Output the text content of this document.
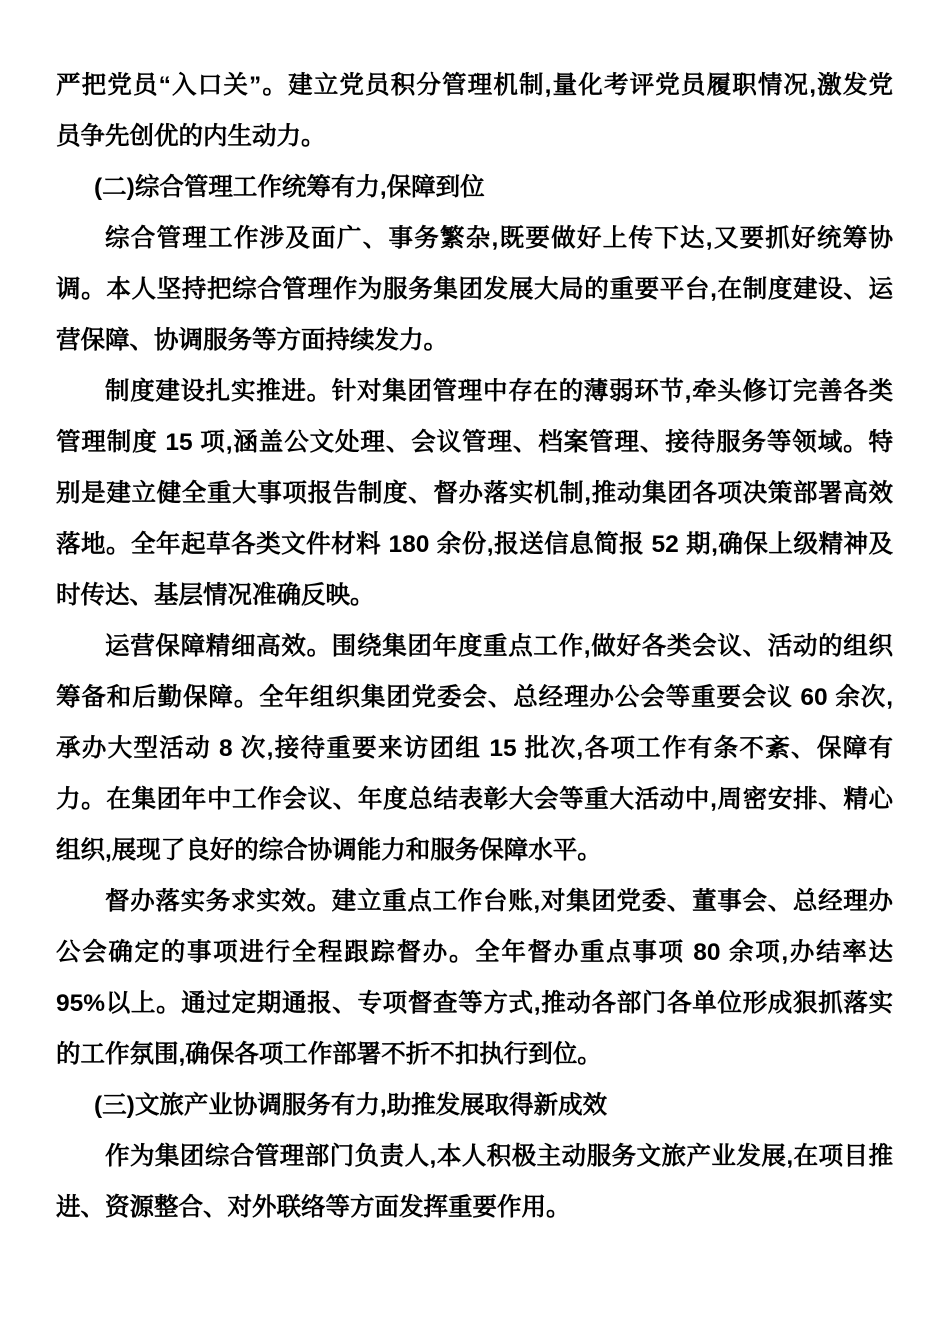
严把党员“入口关”。建立党员积分管理机制,量化考评党员履职情况,激发党
员争先创优的内生动力。
(二)综合管理工作统筹有力,保障到位
综合管理工作涉及面广、事务繁杂,既要做好上传下达,又要抓好统筹协
调。本人坚持把综合管理作为服务集团发展大局的重要平台,在制度建设、运
营保障、协调服务等方面持续发力。
制度建设扎实推进。针对集团管理中存在的薄弱环节,牵头修订完善各类
管理制度 15 项,涵盖公文处理、会议管理、档案管理、接待服务等领域。特
别是建立健全重大事项报告制度、督办落实机制,推动集团各项决策部署高效
落地。全年起草各类文件材料 180 余份,报送信息简报 52 期,确保上级精神及
时传达、基层情况准确反映。
运营保障精细高效。围绕集团年度重点工作,做好各类会议、活动的组织
筹备和后勤保障。全年组织集团党委会、总经理办公会等重要会议 60 余次,
承办大型活动 8 次,接待重要来访团组 15 批次,各项工作有条不紊、保障有
力。在集团年中工作会议、年度总结表彰大会等重大活动中,周密安排、精心
组织,展现了良好的综合协调能力和服务保障水平。
督办落实务求实效。建立重点工作台账,对集团党委、董事会、总经理办
公会确定的事项进行全程跟踪督办。全年督办重点事项 80 余项,办结率达
95%以上。通过定期通报、专项督查等方式,推动各部门各单位形成狠抓落实
的工作氛围,确保各项工作部署不折不扣执行到位。
(三)文旅产业协调服务有力,助推发展取得新成效
作为集团综合管理部门负责人,本人积极主动服务文旅产业发展,在项目推
进、资源整合、对外联络等方面发挥重要作用。
